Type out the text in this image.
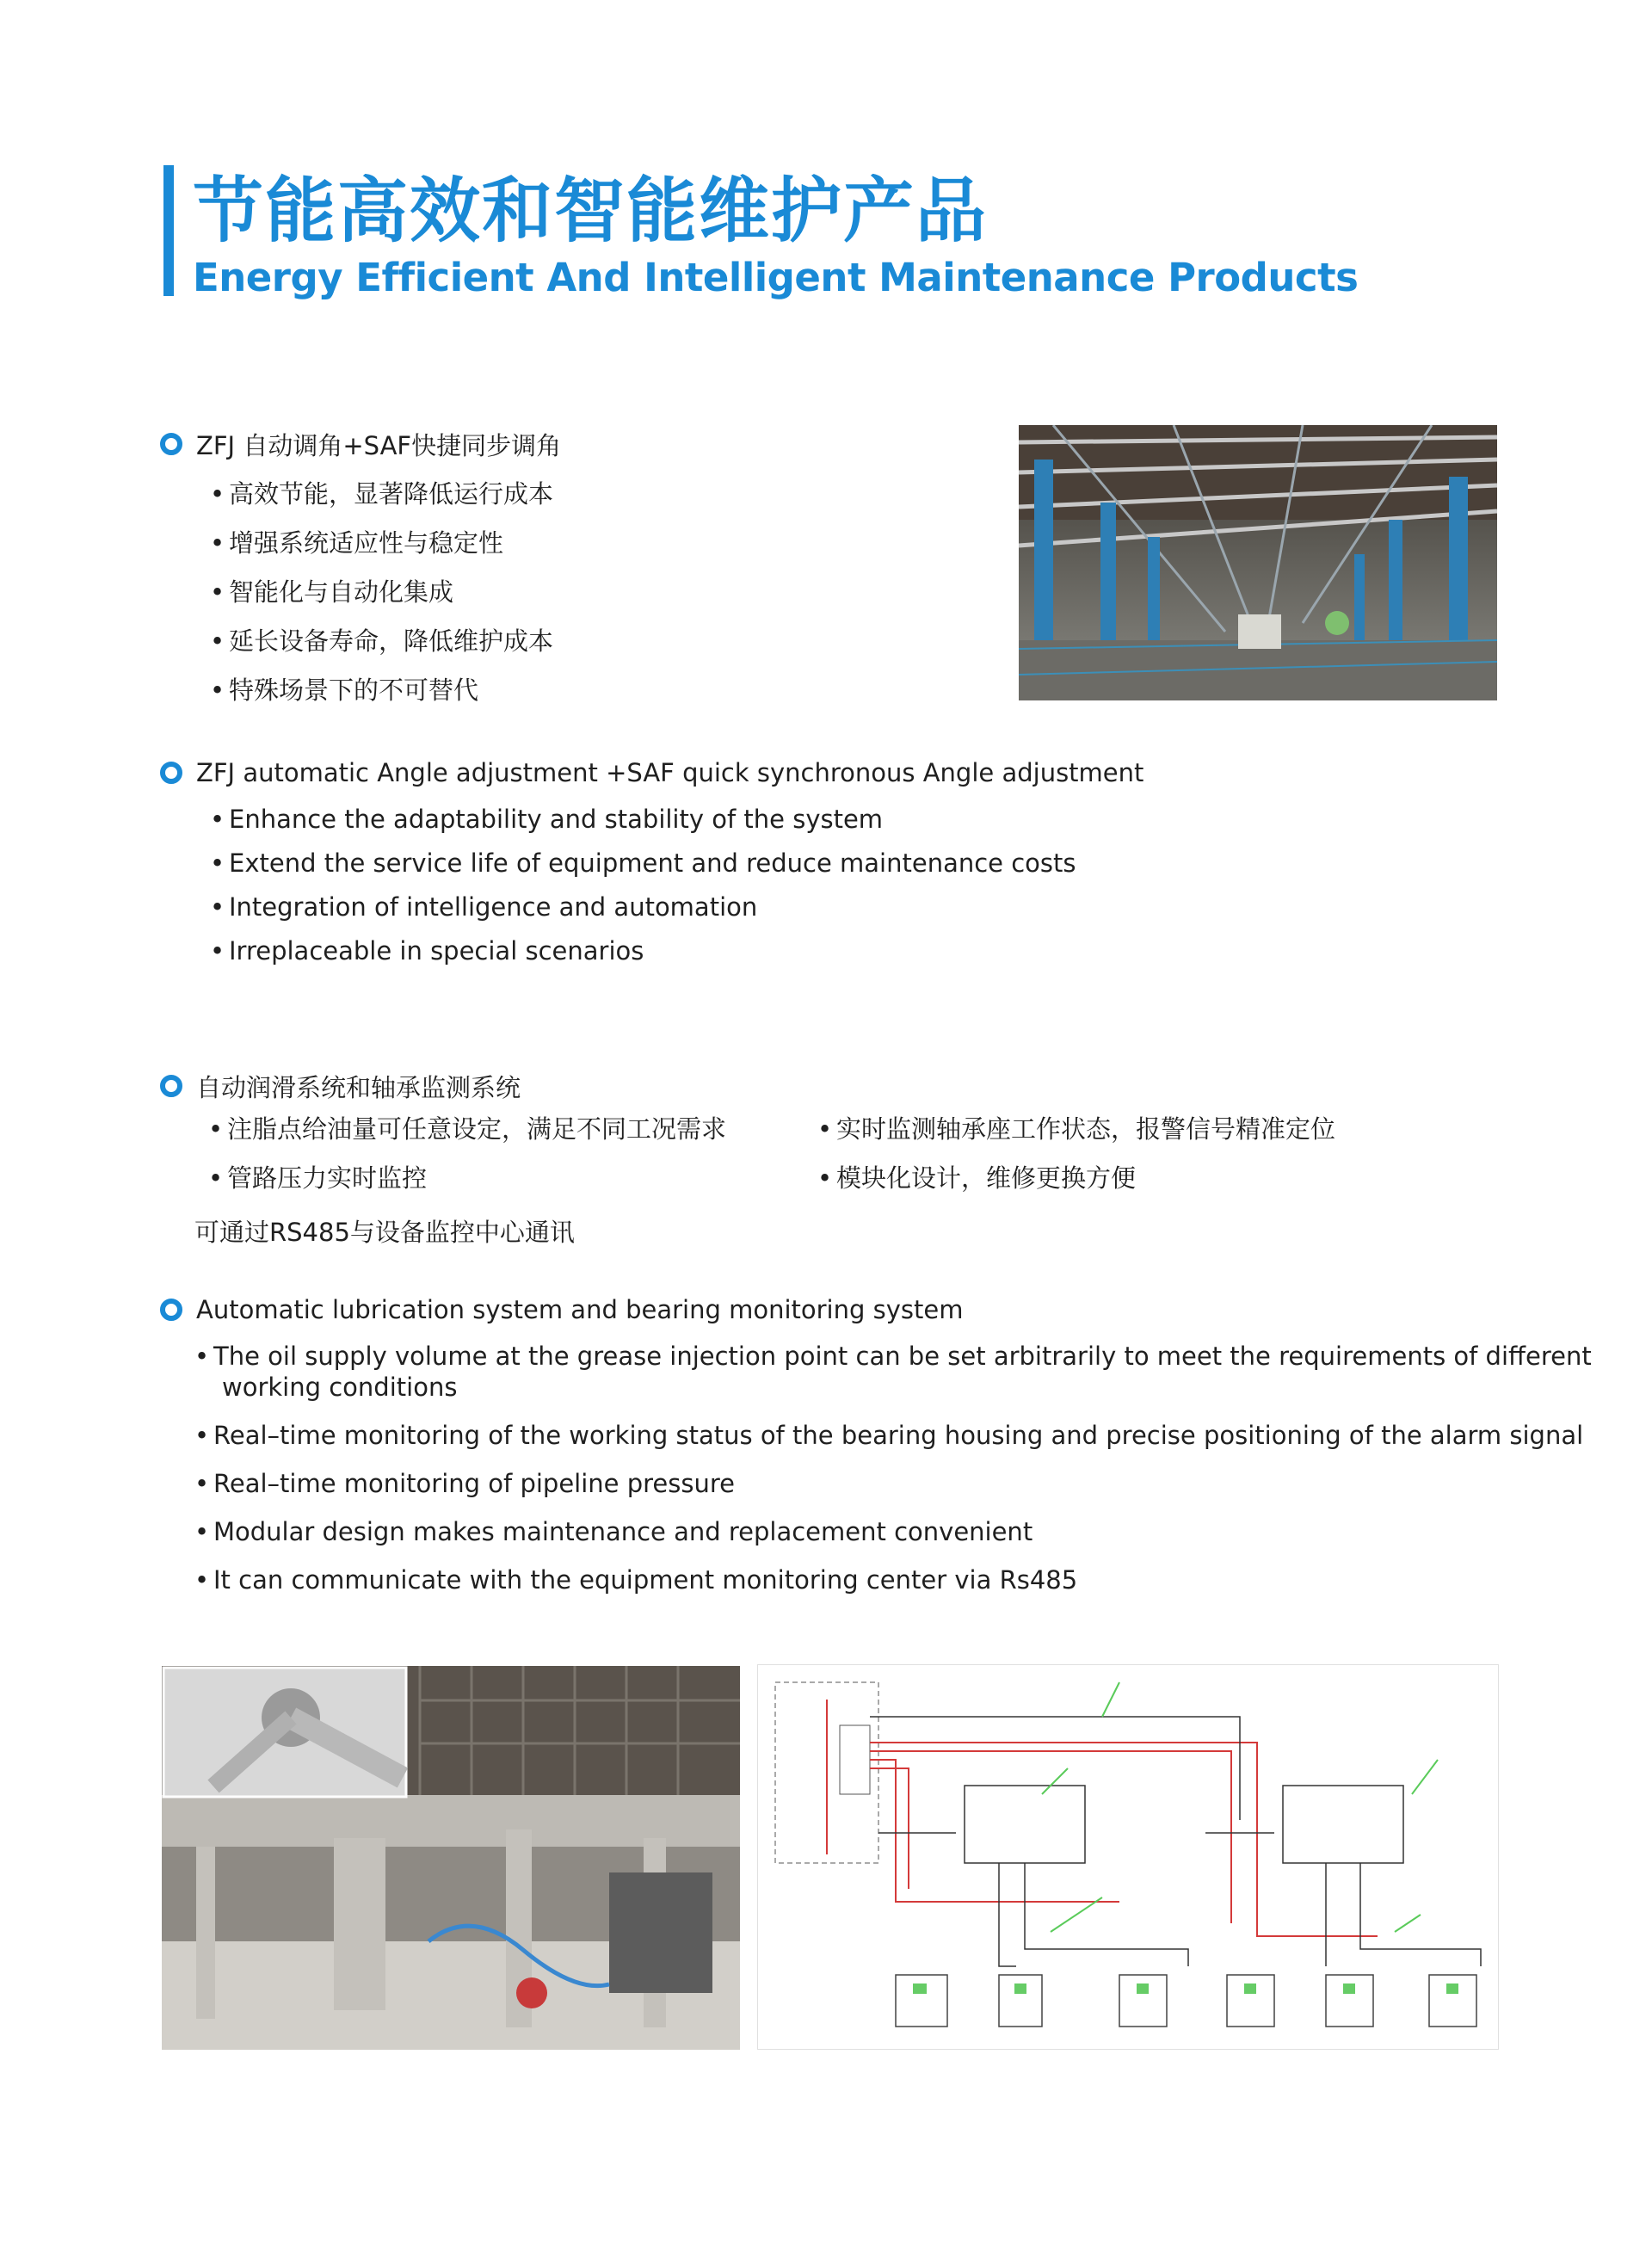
节能高效和智能维护产品
Energy Efficient And Intelligent Maintenance Products
ZFJ 自动调角+SAF快捷同步调角
• 高效节能，显著降低运行成本
• 增强系统适应性与稳定性
• 智能化与自动化集成
• 延长设备寿命，降低维护成本
• 特殊场景下的不可替代
ZFJ automatic Angle adjustment +SAF quick synchronous Angle adjustment
• Enhance the adaptability and stability of the system
• Extend the service life of equipment and reduce maintenance costs
• Integration of intelligence and automation
• Irreplaceable in special scenarios
自动润滑系统和轴承监测系统
• 注脂点给油量可任意设定，满足不同工况需求
• 管路压力实时监控
• 实时监测轴承座工作状态，报警信号精准定位
• 模块化设计，维修更换方便
可通过RS485与设备监控中心通讯
Automatic lubrication system and bearing monitoring system
• The oil supply volume at the grease injection point can be set arbitrarily to meet the requirements of different
working conditions
• Real–time monitoring of the working status of the bearing housing and precise positioning of the alarm signal
• Real–time monitoring of pipeline pressure
• Modular design makes maintenance and replacement convenient
• It can communicate with the equipment monitoring center via Rs485
